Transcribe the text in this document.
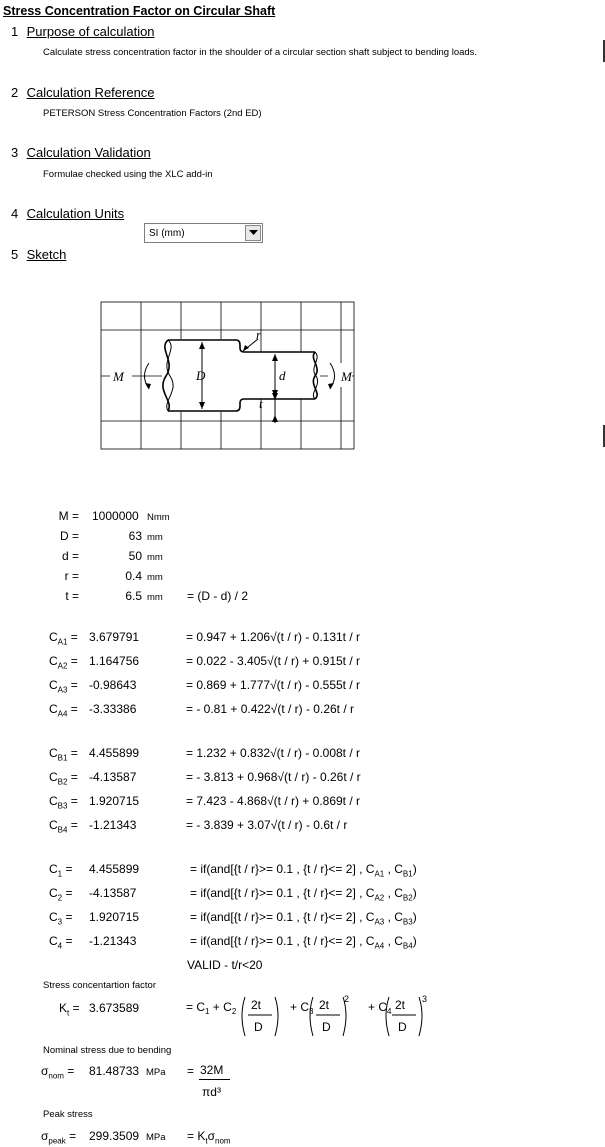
Stress Concentration Factor on Circular Shaft
1 Purpose of calculation
Calculate stress concentration factor in the shoulder of a circular section shaft subject to bending loads.
2 Calculation Reference
PETERSON Stress Concentration Factors (2nd ED)
3 Calculation Validation
Formulae checked using the XLC add-in
4 Calculation Units
SI (mm)
5 Sketch
M	M
D	d
r
t
M = 1000000 Nmm
D =	63 mm
d =	50 mm
r =	0.4 mm
t =	6.5 mm = (D - d) / 2
$C_{A1} = 3.679791$	= 0.947 + 1.206√(t / r) - 0.131t / r
$C_{A2} = 1.164756$	= 0.022 - 3.405√(t / r) + 0.915t / r
$C_{A3} = -0.98643$	= 0.869 + 1.777√(t / r) - 0.555t / r
$C_{A4} = -3.33386$	= - 0.81 + 0.422√(t / r) - 0.26t / r
$C_{B1} = 4.455899$	= 1.232 + 0.832√(t / r) - 0.008t / r
$C_{B2} = -4.13587$	= - 3.813 + 0.968√(t / r) - 0.26t / r
$C_{B3} = 1.920715$	= 7.423 - 4.868√(t / r) + 0.869t / r
$C_{B4} = -1.21343$	= - 3.839 + 3.07√(t / r) - 0.6t / r
$C_1 = 4.455899$	= if(and[{t / r}>= 0.1 , {t / r}<= 2] , $C_{A1}$ , $C_{B1}$)
$C_2 = -4.13587$	= if(and[{t / r}>= 0.1 , {t / r}<= 2] , $C_{A2}$ , $C_{B2}$)
$C_3 = 1.920715$	= if(and[{t / r}>= 0.1 , {t / r}<= 2] , $C_{A3}$ , $C_{B3}$)
$C_4 = -1.21343$	= if(and[{t / r}>= 0.1 , {t / r}<= 2] , $C_{A4}$ , $C_{B4}$)
VALID - t/r<20
Stress concentartion factor
$K_t = 3.673589$	= $C_1 + C_2$	+ $C_3$	+ $C_4$
2t
D
2t
D
2t
D
2	3
Nominal stress due to bending
$\sigma_{nom} = 81.48733$ MPa = 32M
πd³
Peak stress
$\sigma_{peak} = 299.3509$ MPa = $K_t\sigma_{nom}$
